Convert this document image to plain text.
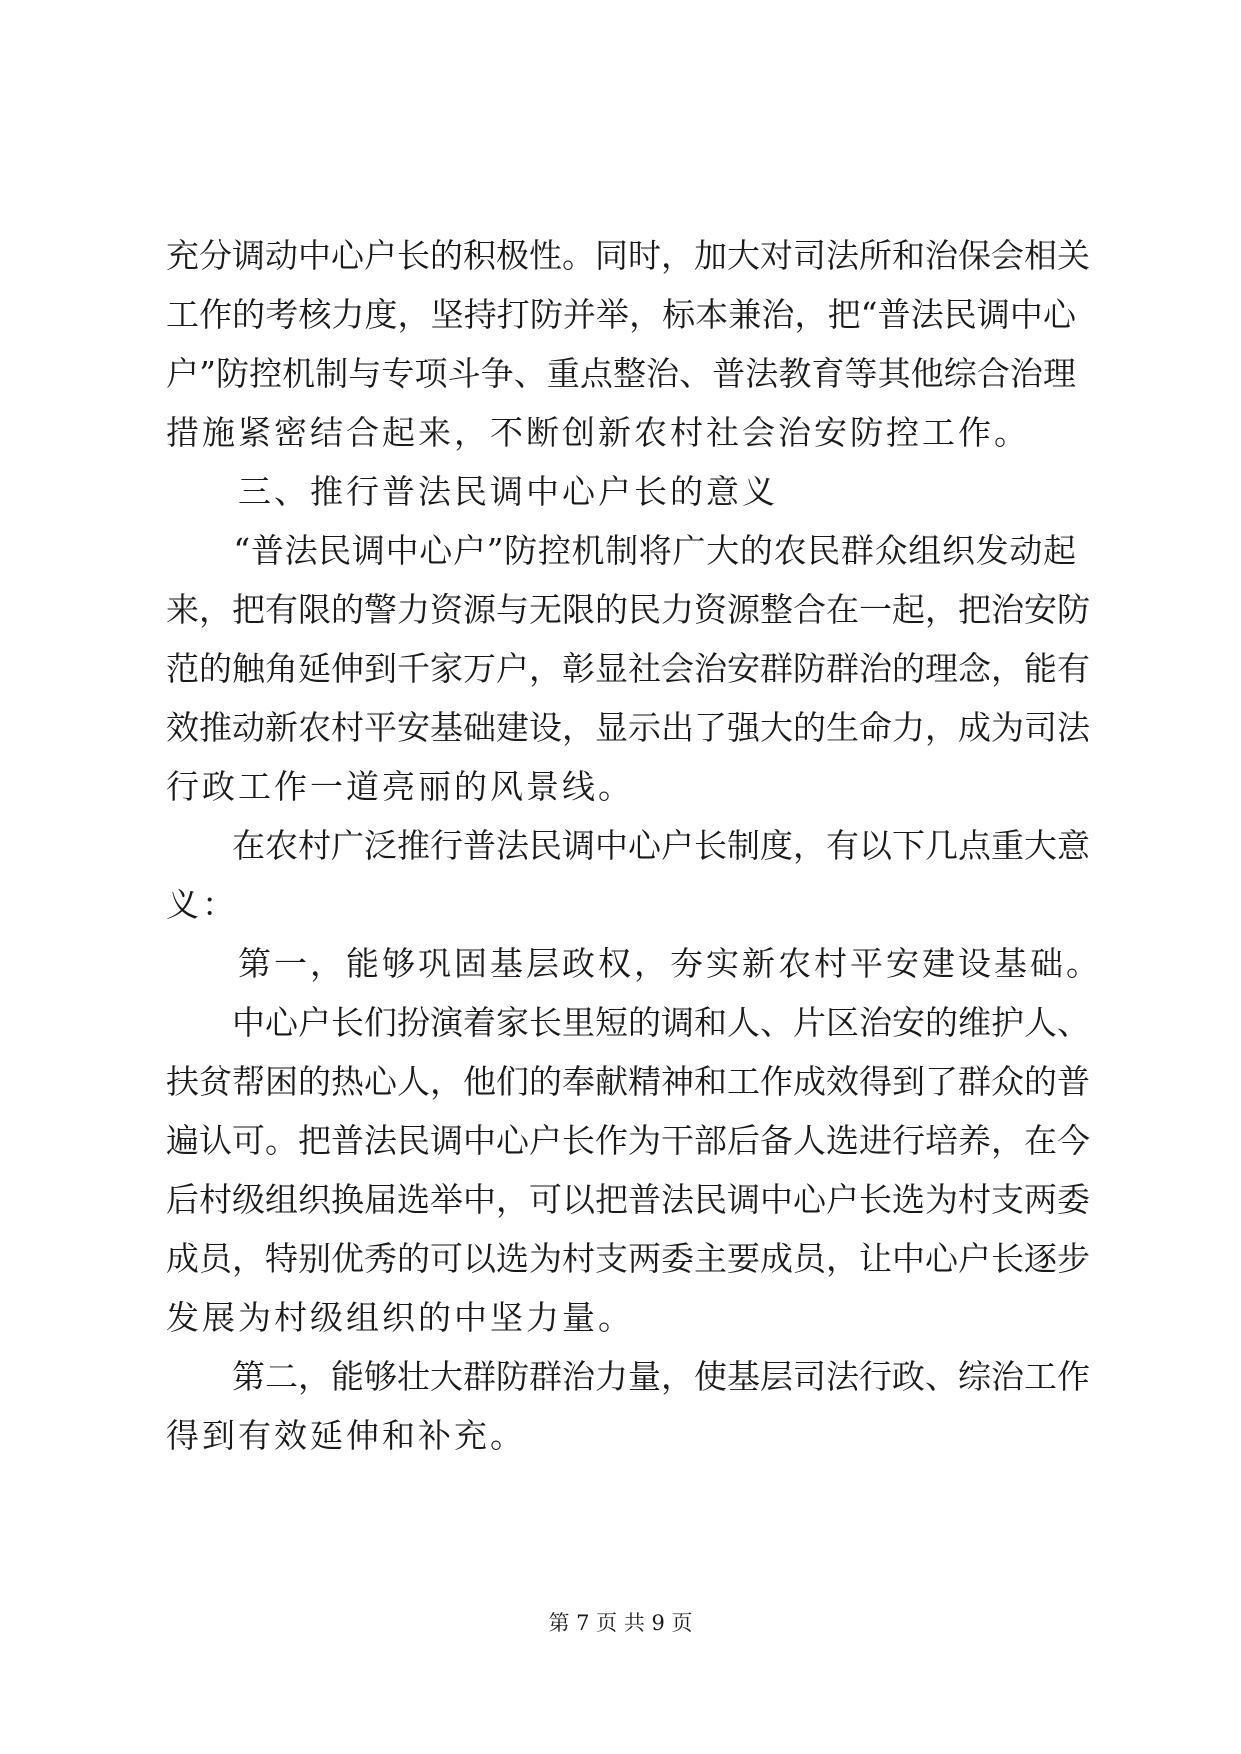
充分调动中心户长的积极性。同时，加大对司法所和治保会相关
工作的考核力度，坚持打防并举，标本兼治，把“普法民调中心
户”防控机制与专项斗争、重点整治、普法教育等其他综合治理
措施紧密结合起来，不断创新农村社会治安防控工作。
　　三、推行普法民调中心户长的意义
　　“普法民调中心户”防控机制将广大的农民群众组织发动起
来，把有限的警力资源与无限的民力资源整合在一起，把治安防
范的触角延伸到千家万户，彰显社会治安群防群治的理念，能有
效推动新农村平安基础建设，显示出了强大的生命力，成为司法
行政工作一道亮丽的风景线。
　　在农村广泛推行普法民调中心户长制度，有以下几点重大意
义：
　　第一，能够巩固基层政权，夯实新农村平安建设基础。
　　中心户长们扮演着家长里短的调和人、片区治安的维护人、
扶贫帮困的热心人，他们的奉献精神和工作成效得到了群众的普
遍认可。把普法民调中心户长作为干部后备人选进行培养，在今
后村级组织换届选举中，可以把普法民调中心户长选为村支两委
成员，特别优秀的可以选为村支两委主要成员，让中心户长逐步
发展为村级组织的中坚力量。
　　第二，能够壮大群防群治力量，使基层司法行政、综治工作
得到有效延伸和补充。
第 7 页 共 9 页
